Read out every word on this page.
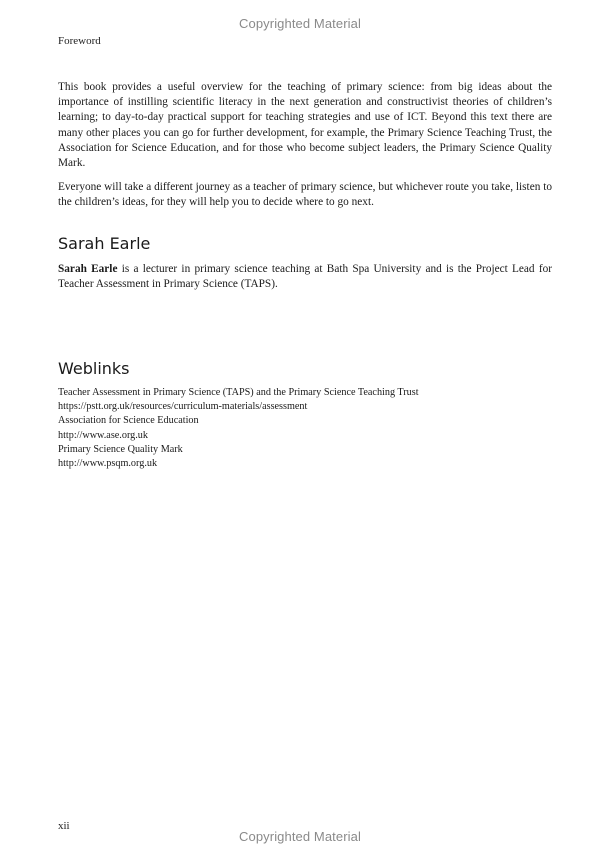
Copyrighted Material
Foreword

This book provides a useful overview for the teaching of primary science: from big ideas about the importance of instilling scientific literacy in the next generation and constructivist theories of children’s learning; to day-to-day practical support for teaching strategies and use of ICT. Beyond this text there are many other places you can go for further development, for example, the Primary Science Teaching Trust, the Association for Science Education, and for those who become subject leaders, the Primary Science Quality Mark.

Everyone will take a different journey as a teacher of primary science, but whichever route you take, listen to the children’s ideas, for they will help you to decide where to go next.

Sarah Earle

Sarah Earle is a lecturer in primary science teaching at Bath Spa University and is the Project Lead for Teacher Assessment in Primary Science (TAPS).

Weblinks
Teacher Assessment in Primary Science (TAPS) and the Primary Science Teaching Trust
https://pstt.org.uk/resources/curriculum-materials/assessment
Association for Science Education
http://www.ase.org.uk
Primary Science Quality Mark
http://www.psqm.org.uk
xii
Copyrighted Material
